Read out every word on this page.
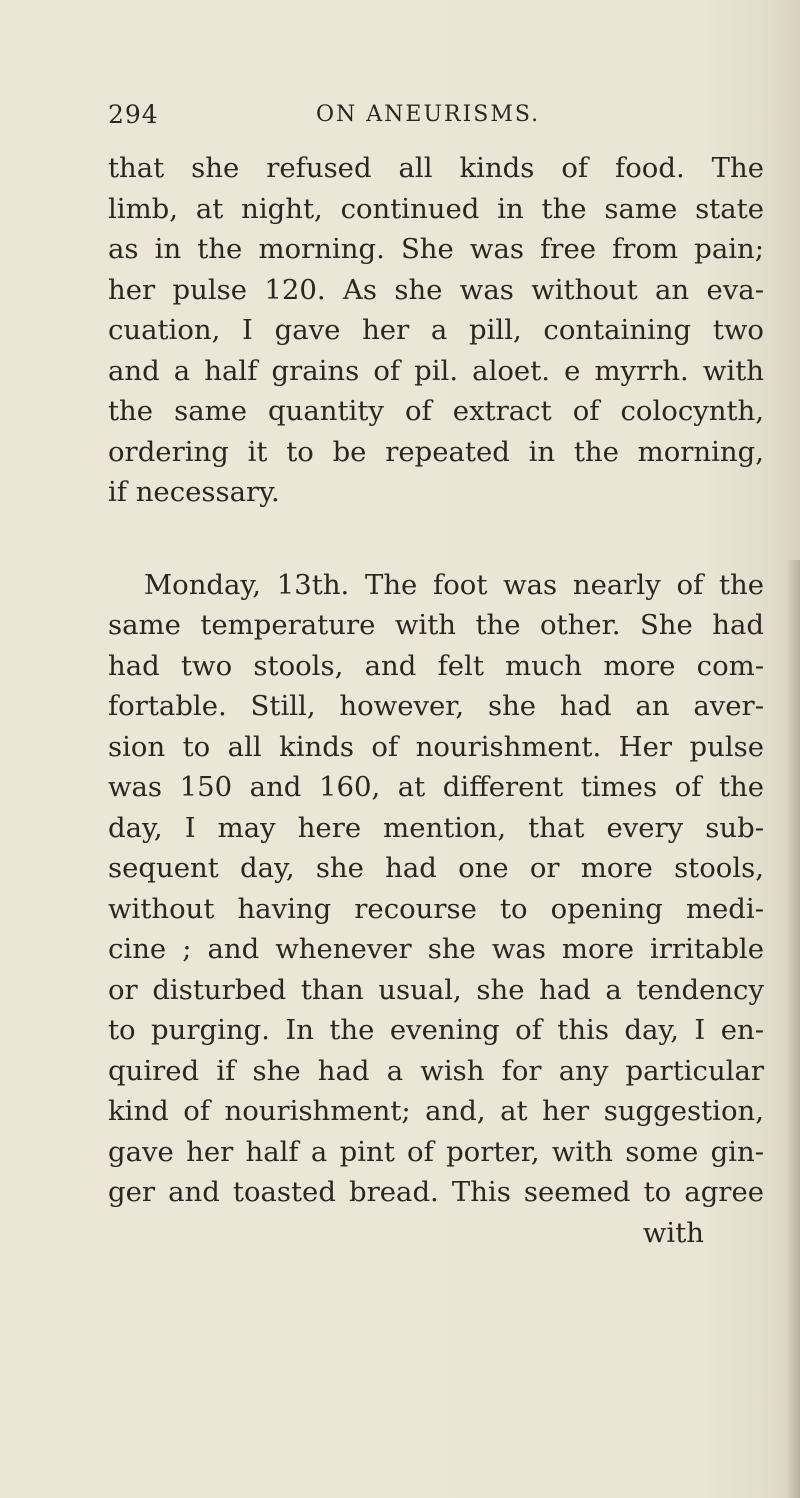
294	ON ANEURISMS.
that she refused all kinds of food. The
limb, at night, continued in the same state
as in the morning. She was free from pain;
her pulse 120. As she was without an eva-
cuation, I gave her a pill, containing two
and a half grains of pil. aloet. e myrrh. with
the same quantity of extract of colocynth,
ordering it to be repeated in the morning,
if necessary.
Monday, 13th. The foot was nearly of the
same temperature with the other. She had
had two stools, and felt much more com-
fortable. Still, however, she had an aver-
sion to all kinds of nourishment. Her pulse
was 150 and 160, at different times of the
day, I may here mention, that every sub-
sequent day, she had one or more stools,
without having recourse to opening medi-
cine ; and whenever she was more irritable
or disturbed than usual, she had a tendency
to purging. In the evening of this day, I en-
quired if she had a wish for any particular
kind of nourishment; and, at her suggestion,
gave her half a pint of porter, with some gin-
ger and toasted bread. This seemed to agree
with
